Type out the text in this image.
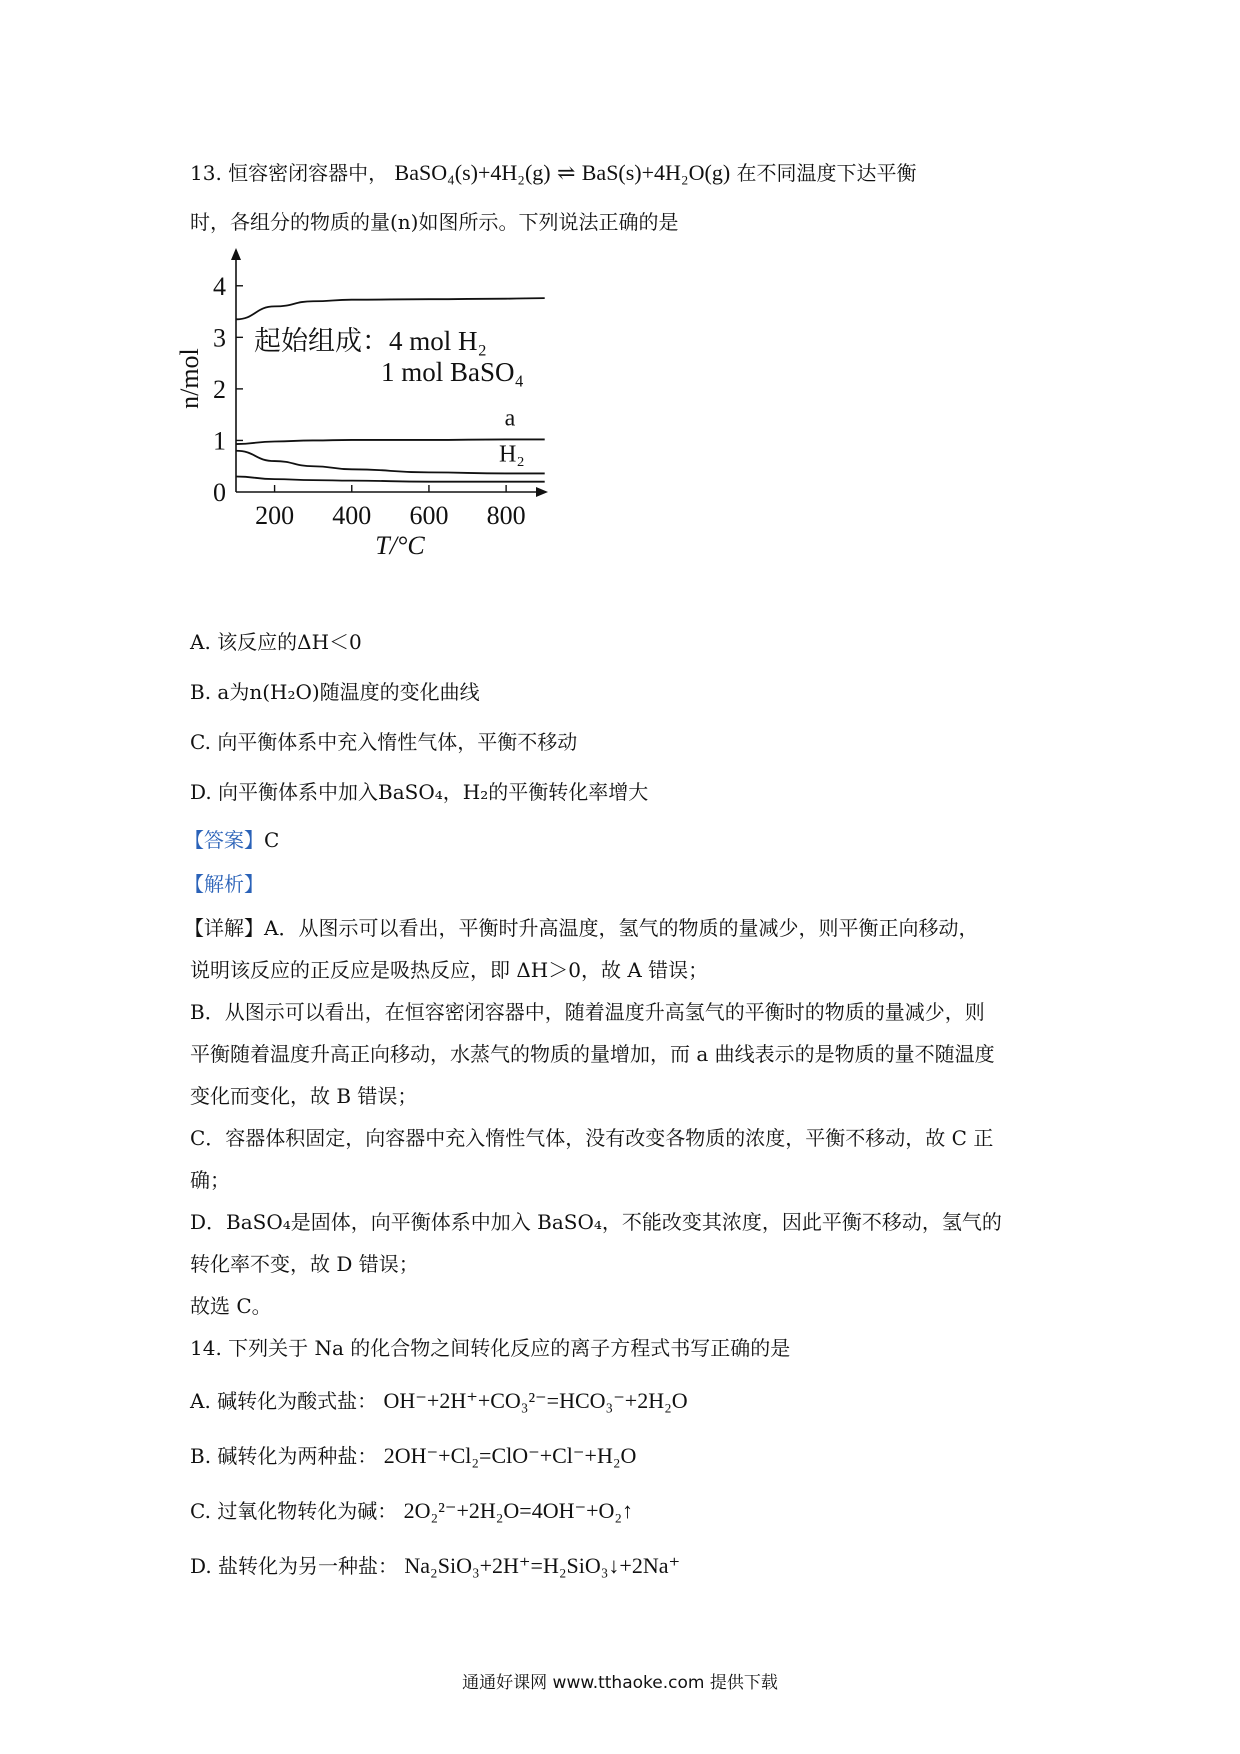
13. 恒容密闭容器中， BaSO₄(s)+4H₂(g) ⇌ BaS(s)+4H₂O(g) 在不同温度下达平衡
时，各组分的物质的量(n)如图所示。下列说法正确的是
200 400 600 800
0
1
2
3
4
T/°C
n/mol
a
H₂
起始组成：4 mol H₂
1 mol BaSO₄
A. 该反应的ΔH＜0
B. a为n(H₂O)随温度的变化曲线
C. 向平衡体系中充入惰性气体，平衡不移动
D. 向平衡体系中加入BaSO₄，H₂的平衡转化率增大
【答案】C
【解析】
【详解】A．从图示可以看出，平衡时升高温度，氢气的物质的量减少，则平衡正向移动，
说明该反应的正反应是吸热反应，即 ΔH＞0，故 A 错误；
B．从图示可以看出，在恒容密闭容器中，随着温度升高氢气的平衡时的物质的量减少，则
平衡随着温度升高正向移动，水蒸气的物质的量增加，而 a 曲线表示的是物质的量不随温度
变化而变化，故 B 错误；
C．容器体积固定，向容器中充入惰性气体，没有改变各物质的浓度，平衡不移动，故 C 正
确；
D．BaSO₄是固体，向平衡体系中加入 BaSO₄，不能改变其浓度，因此平衡不移动，氢气的
转化率不变，故 D 错误；
故选 C。
14. 下列关于 Na 的化合物之间转化反应的离子方程式书写正确的是
A. 碱转化为酸式盐： OH⁻+2H⁺+CO₃²⁻=HCO₃⁻+2H₂O
B. 碱转化为两种盐： 2OH⁻+Cl₂=ClO⁻+Cl⁻+H₂O
C. 过氧化物转化为碱： 2O₂²⁻+2H₂O=4OH⁻+O₂↑
D. 盐转化为另一种盐： Na₂SiO₃+2H⁺=H₂SiO₃↓+2Na⁺
通通好课网 www.tthaoke.com 提供下载
